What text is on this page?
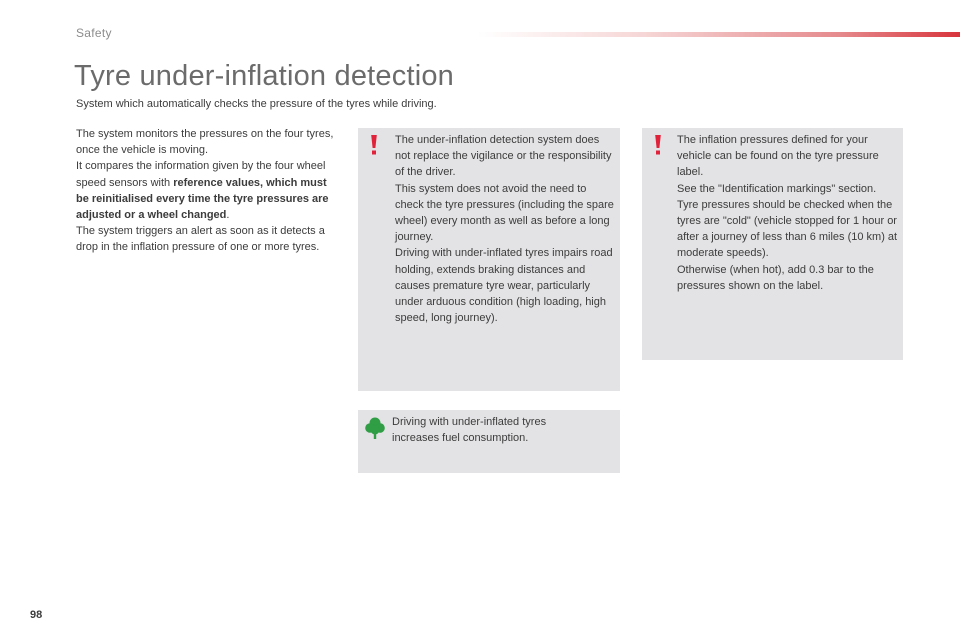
Safety
Tyre under-inflation detection
System which automatically checks the pressure of the tyres while driving.

The system monitors the pressures on the four tyres, once the vehicle is moving.

It compares the information given by the four wheel speed sensors with reference values, which must be reinitialised every time the tyre pressures are adjusted or a wheel changed.

The system triggers an alert as soon as it detects a drop in the inflation pressure of one or more tyres.

The under-inflation detection system does not replace the vigilance or the responsibility of the driver.

This system does not avoid the need to check the tyre pressures (including the spare wheel) every month as well as before a long journey.

Driving with under-inflated tyres impairs road holding, extends braking distances and causes premature tyre wear, particularly under arduous condition (high loading, high speed, long journey).

The inflation pressures defined for your vehicle can be found on the tyre pressure label.

See the "Identification markings" section.

Tyre pressures should be checked when the tyres are "cold" (vehicle stopped for 1 hour or after a journey of less than 6 miles (10 km) at moderate speeds).

Otherwise (when hot), add 0.3 bar to the pressures shown on the label.

Driving with under-inflated tyres increases fuel consumption.

98
